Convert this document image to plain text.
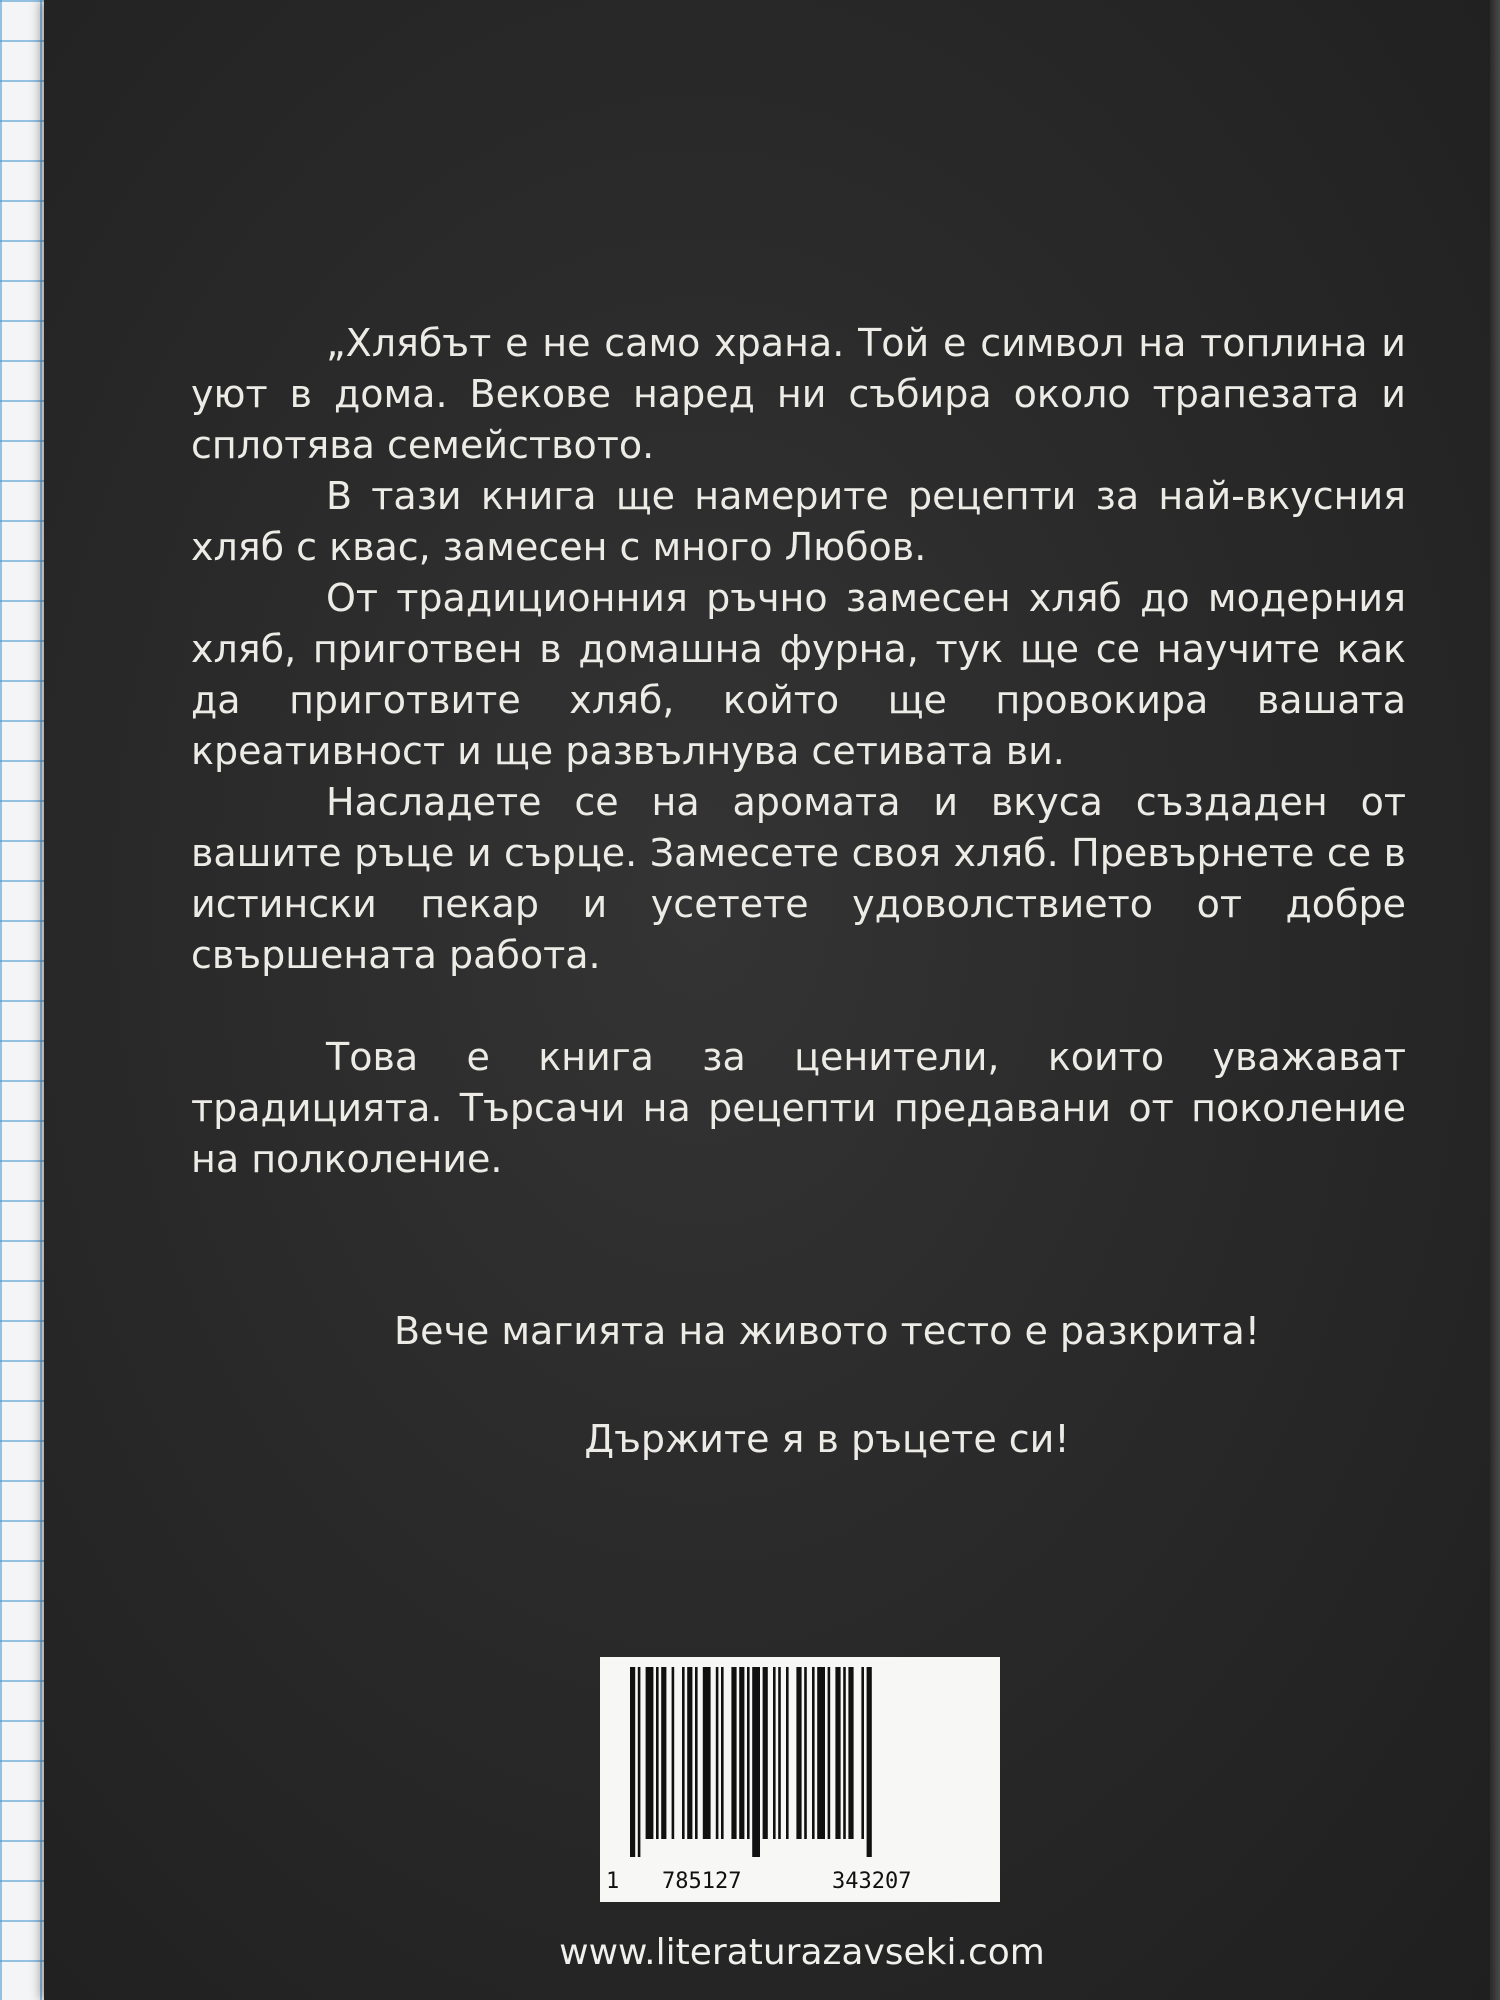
„Хлябът е не само храна. Той е символ на топлина и уют в дома. Векове наред ни събира около трапезата и сплотява семейството.

В тази книга ще намерите рецепти за най-вкусния хляб с квас, замесен с много Любов.

От традиционния ръчно замесен хляб до модерния хляб, приготвен в домашна фурна, тук ще се научите как да приготвите хляб, който ще провокира вашата креативност и ще развълнува сетивата ви.

Насладете се на аромата и вкуса създаден от вашите ръце и сърце. Замесете своя хляб. Превърнете се в истински пекар и усетете удоволствието от добре свършената работа.

Това е книга за ценители, които уважават традицията. Търсачи на рецепти предавани от поколение на полколение.

Вече магията на живото тесто е разкрита!
Държите я в ръцете си!
1 785127	343207
www.literaturazavseki.com
